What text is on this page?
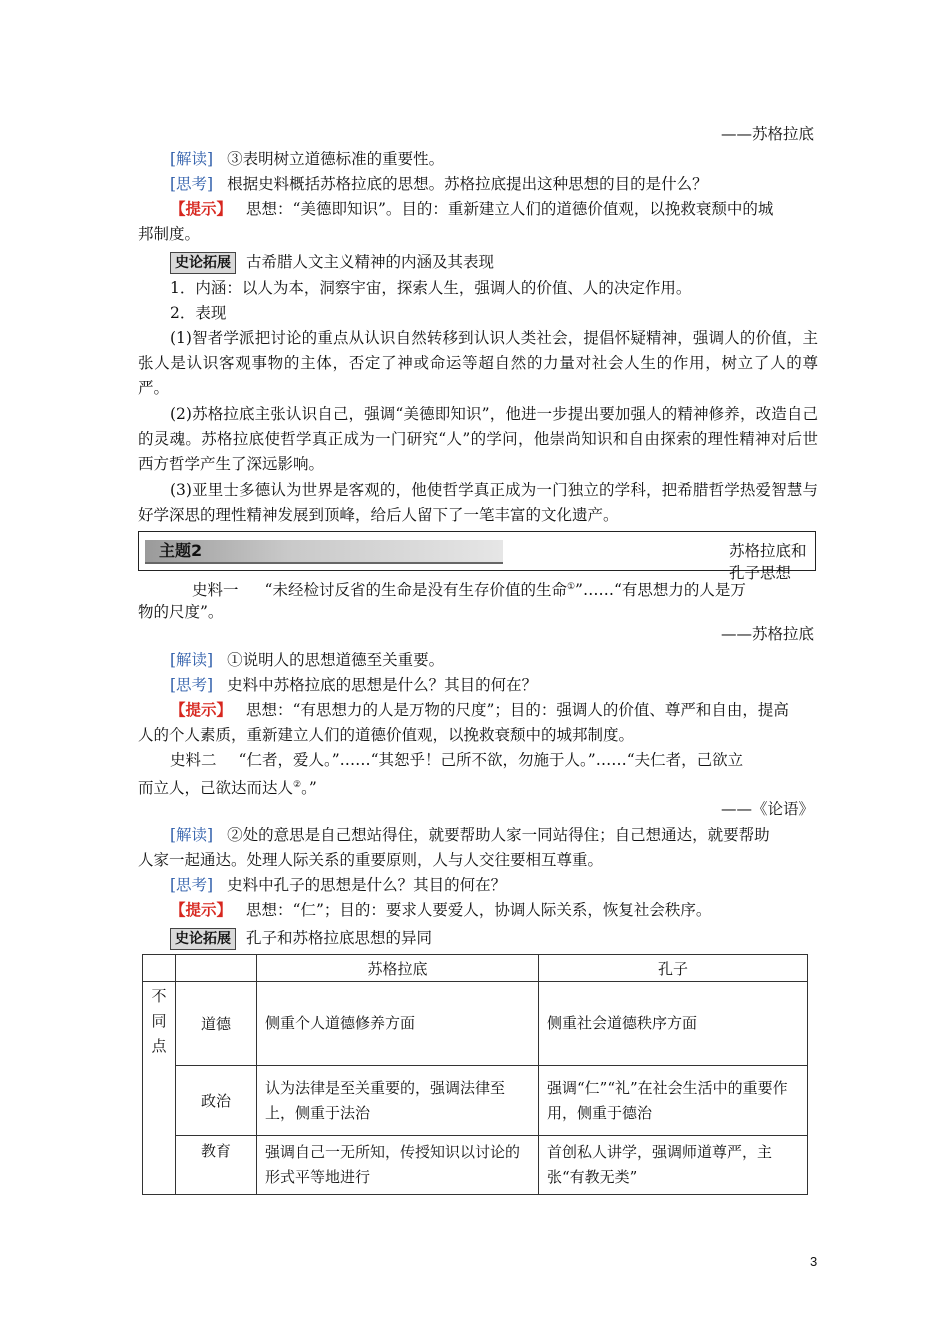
——苏格拉底
[解读] ③表明树立道德标准的重要性。
[思考] 根据史料概括苏格拉底的思想。苏格拉底提出这种思想的目的是什么？
【提示】 思想：“美德即知识”。目的：重新建立人们的道德价值观，以挽救衰颓中的城
邦制度。
史论拓展 古希腊人文主义精神的内涵及其表现
1．内涵：以人为本，洞察宇宙，探索人生，强调人的价值、人的决定作用。
2．表现
(1)智者学派把讨论的重点从认识自然转移到认识人类社会，提倡怀疑精神，强调人的价值，主张人是认识客观事物的主体，否定了神或命运等超自然的力量对社会人生的作用，树立了人的尊严。
(2)苏格拉底主张认识自己，强调“美德即知识”，他进一步提出要加强人的精神修养，改造自己的灵魂。苏格拉底使哲学真正成为一门研究“人”的学问，他崇尚知识和自由探索的理性精神对后世西方哲学产生了深远影响。
(3)亚里士多德认为世界是客观的，他使哲学真正成为一门独立的学科，把希腊哲学热爱智慧与好学深思的理性精神发展到顶峰，给后人留下了一笔丰富的文化遗产。
主题2	苏格拉底和孔子思想
史料一 “未经检讨反省的生命是没有生存价值的生命①”……“有思想力的人是万
物的尺度”。
——苏格拉底
[解读] ①说明人的思想道德至关重要。
[思考] 史料中苏格拉底的思想是什么？其目的何在？
【提示】 思想：“有思想力的人是万物的尺度”；目的：强调人的价值、尊严和自由，提高
人的个人素质，重新建立人们的道德价值观，以挽救衰颓中的城邦制度。
史料二 “仁者，爱人。”……“其恕乎！己所不欲，勿施于人。”……“夫仁者，己欲立
而立人，己欲达而达人②。”
——《论语》
[解读] ②处的意思是自己想站得住，就要帮助人家一同站得住；自己想通达，就要帮助
人家一起通达。处理人际关系的重要原则，人与人交往要相互尊重。
[思考] 史料中孔子的思想是什么？其目的何在？
【提示】 思想：“仁”；目的：要求人要爱人，协调人际关系，恢复社会秩序。
史论拓展 孔子和苏格拉底思想的异同
		苏格拉底	孔子

不同点	道德	侧重个人道德修养方面	侧重社会道德秩序方面

	政治	认为法律是至关重要的，强调法律至上，侧重于法治	强调“仁”“礼”在社会生活中的重要作用，侧重于德治

	教育	强调自己一无所知，传授知识以讨论的形式平等地进行	首创私人讲学，强调师道尊严，主张“有教无类”
3
